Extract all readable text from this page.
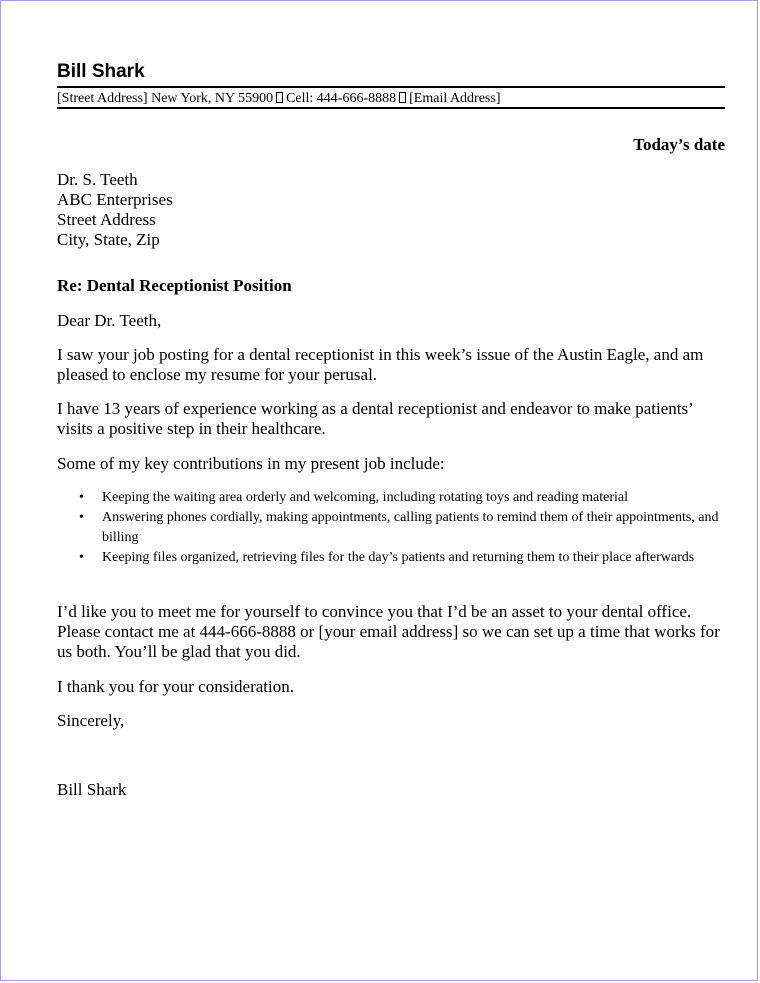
Bill Shark
[Street Address] New York, NY 55900 Cell: 444-666-8888 [Email Address]
Today’s date
Dr. S. Teeth
ABC Enterprises
Street Address
City, State, Zip
Re: Dental Receptionist Position
Dear Dr. Teeth,

I saw your job posting for a dental receptionist in this week’s issue of the Austin Eagle, and am pleased to enclose my resume for your perusal.

I have 13 years of experience working as a dental receptionist and endeavor to make patients’ visits a positive step in their healthcare.

Some of my key contributions in my present job include:

• Keeping the waiting area orderly and welcoming, including rotating toys and reading material
• Answering phones cordially, making appointments, calling patients to remind them of their appointments, and billing
• Keeping files organized, retrieving files for the day’s patients and returning them to their place afterwards

I’d like you to meet me for yourself to convince you that I’d be an asset to your dental office. Please contact me at 444-666-8888 or [your email address] so we can set up a time that works for us both. You’ll be glad that you did.

I thank you for your consideration.

Sincerely,
Bill Shark
